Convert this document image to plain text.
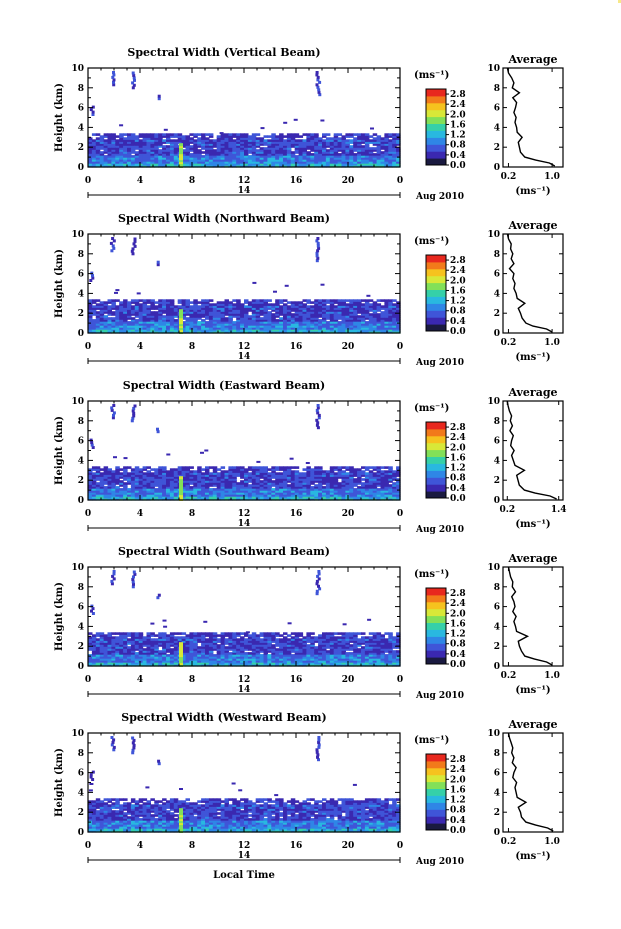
Spectral Width (Vertical Beam)
0
2
4
6
8
10
0	4	8	12	16	20	0
Height (km)
14
Aug 2010
(ms⁻¹)
0.0
0.4
0.8
1.2
1.6
2.0
2.4
2.8
Average
0
2
4
6
8
10
0.2	1.0
(ms⁻¹)
Spectral Width (Northward Beam)
0
2
4
6
8
10
0	4	8	12	16	20	0
Height (km)
14
Aug 2010
(ms⁻¹)
0.0
0.4
0.8
1.2
1.6
2.0
2.4
2.8
Average
0
2
4
6
8
10
0.2	1.0
(ms⁻¹)
Spectral Width (Eastward Beam)
0
2
4
6
8
10
0	4	8	12	16	20	0
Height (km)
14
Aug 2010
(ms⁻¹)
0.0
0.4
0.8
1.2
1.6
2.0
2.4
2.8
Average
0
2
4
6
8
10
0.2	1.4
(ms⁻¹)
Spectral Width (Southward Beam)
0
2
4
6
8
10
0	4	8	12	16	20	0
Height (km)
14
Aug 2010
(ms⁻¹)
0.0
0.4
0.8
1.2
1.6
2.0
2.4
2.8
Average
0
2
4
6
8
10
0.2	1.0
(ms⁻¹)
Spectral Width (Westward Beam)
0
2
4
6
8
10
0	4	8	12	16	20	0
Height (km)
14
Aug 2010
(ms⁻¹)
0.0
0.4
0.8
1.2
1.6
2.0
2.4
2.8
Average
0
2
4
6
8
10
0.2	1.0
(ms⁻¹)
Local Time
